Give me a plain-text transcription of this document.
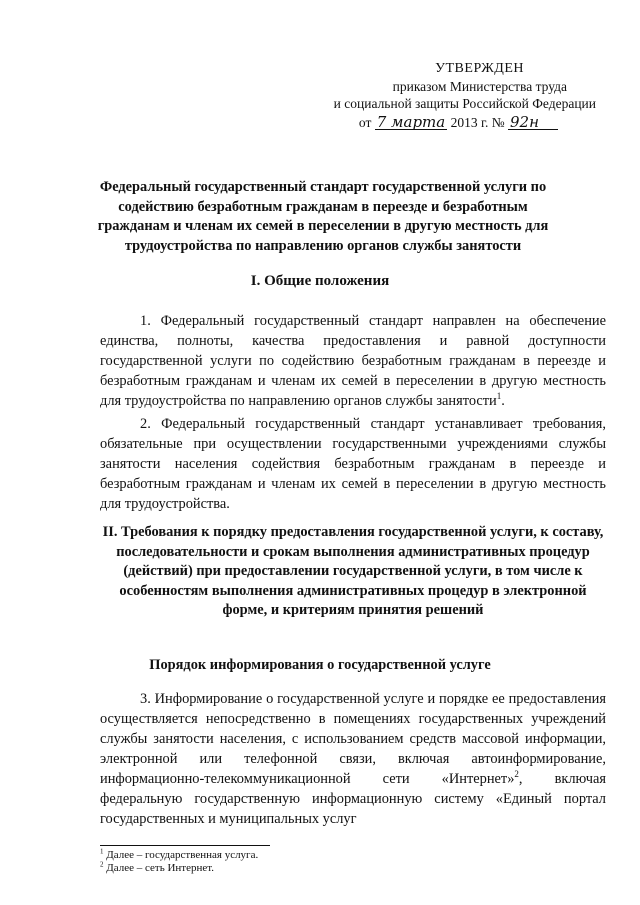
УТВЕРЖДЕН
приказом Министерства труда
и социальной защиты Российской Федерации
от 7 марта 2013 г. № 92н
Федеральный государственный стандарт государственной услуги по содействию безработным гражданам в переезде и безработным гражданам и членам их семей в переселении в другую местность для трудоустройства по направлению органов службы занятости
I. Общие положения

1. Федеральный государственный стандарт направлен на обеспечение единства, полноты, качества предоставления и равной доступности государственной услуги по содействию безработным гражданам в переезде и безработным гражданам и членам их семей в переселении в другую местность для трудоустройства по направлению органов службы занятости$^1$.

2. Федеральный государственный стандарт устанавливает требования, обязательные при осуществлении государственными учреждениями службы занятости населения содействия безработным гражданам в переезде и безработным гражданам и членам их семей в переселении в другую местность для трудоустройства.

II. Требования к порядку предоставления государственной услуги, к составу, последовательности и срокам выполнения административных процедур (действий) при предоставлении государственной услуги, в том числе к особенностям выполнения административных процедур в электронной форме, и критериям принятия решений
Порядок информирования о государственной услуге

3. Информирование о государственной услуге и порядке ее предоставления осуществляется непосредственно в помещениях государственных учреждений службы занятости населения, с использованием средств массовой информации, электронной или телефонной связи, включая автоинформирование, информационно-телекоммуникационной сети «Интернет»$^2$, включая федеральную государственную информационную систему «Единый портал государственных и муниципальных услуг

$^1$ Далее – государственная услуга.
$^2$ Далее – сеть Интернет.
